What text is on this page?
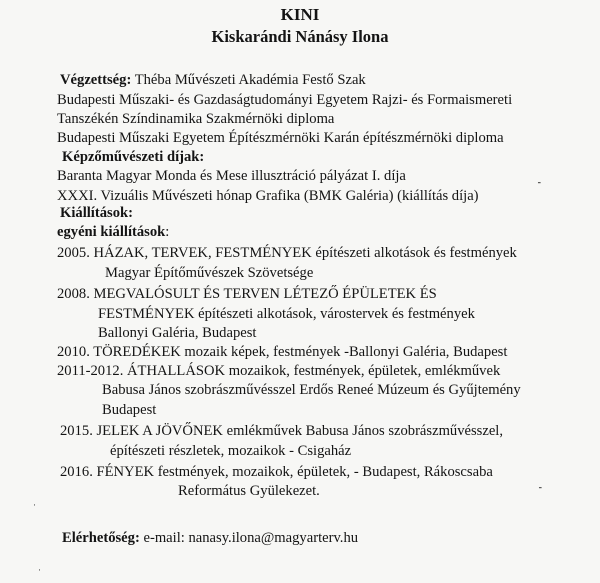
KINI
Kiskarándi Nánásy Ilona
Végzettség: Thébа Művészeti Akadémia Festő Szak
Budapesti Műszaki- és Gazdaságtudományi Egyetem Rajzi- és Formaismereti
Tanszékén Színdinamika Szakmérnöki diploma
Budapesti Műszaki Egyetem Építészmérnöki Karán építészmérnöki diploma
Képzőművészeti díjak:
Baranta Magyar Monda és Mese illusztráció pályázat I. díja
XXXI. Vizuális Művészeti hónap Grafika (BMK Galéria) (kiállítás díja)
Kiállítások:
egyéni kiállítások:
2005. HÁZAK, TERVEK, FESTMÉNYEK építészeti alkotások és festmények
Magyar Építőművészek Szövetsége
2008. MEGVALÓSULT ÉS TERVEN LÉTEZŐ ÉPÜLETEK ÉS
FESTMÉNYEK építészeti alkotások, várostervek és festmények
Ballonyi Galéria, Budapest
2010. TÖREDÉKEK mozaik képek, festmények -Ballonyi Galéria, Budapest
2011-2012. ÁTHALLÁSOK mozaikok, festmények, épületek, emlékművek
Babusa János szobrászművésszel Erdős Reneé Múzeum és Gyűjtemény
Budapest
2015. JELEK A JÖVŐNEK emlékművek Babusa János szobrászművésszel,
építészeti részletek, mozaikok - Csigaház
2016. FÉNYEK festmények, mozaikok, épületek, - Budapest, Rákoscsaba
Református Gyülekezet.
Elérhetőség: e-mail: nanasy.ilona@magyarterv.hu
⁃
⁃
·
·
